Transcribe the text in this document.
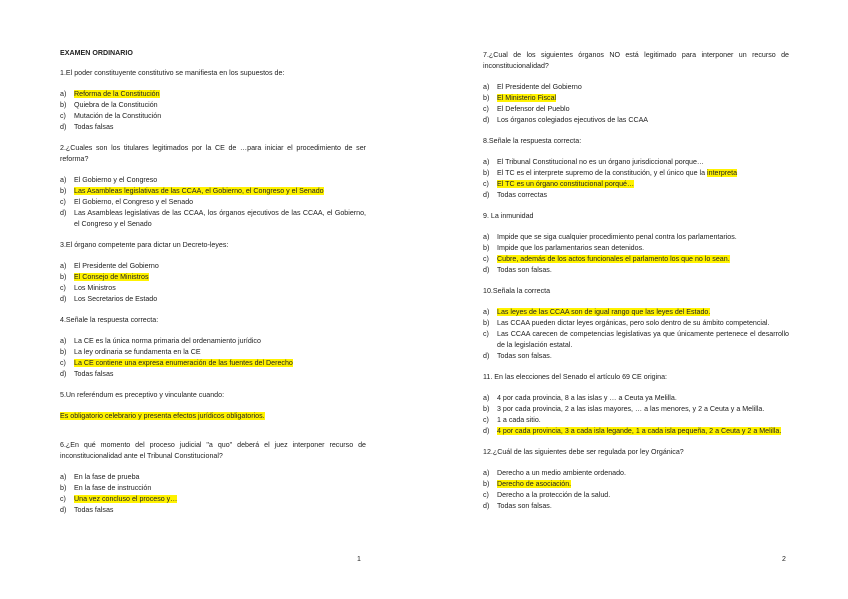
EXAMEN ORDINARIO
1.El poder constituyente constitutivo se manifiesta en los supuestos de:
a)	Reforma de la Constitución
b)	Quiebra de la Constitución
c)	Mutación de la Constitución
d)	Todas falsas
2.¿Cuales son los titulares legitimados por la CE de …para iniciar el procedimiento de ser reforma?
a)	El Gobierno y el Congreso
b)	Las Asambleas legislativas de las CCAA, el Gobierno, el Congreso y el Senado
c)	El Gobierno, el Congreso y el Senado
d)	Las Asambleas legislativas de las CCAA, los órganos ejecutivos de las CCAA, el Gobierno, el Congreso y el Senado
3.El órgano competente para dictar un Decreto-leyes:
a)	El Presidente del Gobierno
b)	El Consejo de Ministros
c)	Los Ministros
d)	Los Secretarios de Estado
4.Señale la respuesta correcta:
a)	La CE es la única norma primaria del ordenamiento jurídico
b)	La ley ordinaria se fundamenta en la CE
c)	La CE contiene una expresa enumeración de las fuentes del Derecho
d)	Todas falsas
5.Un referéndum es preceptivo y vinculante cuando:
Es obligatorio celebrario y presenta efectos jurídicos obligatorios.
6.¿En qué momento del proceso judicial "a quo" deberá el juez interponer recurso de inconstitucionalidad ante el Tribunal Constitucional?
a)	En la fase de prueba
b)	En la fase de instrucción
c)	Una vez concluso el proceso y…
d)	Todas falsas
7.¿Cual de los siguientes órganos NO está legitimado para interponer un recurso de inconstitucionalidad?
a)	El Presidente del Gobierno
b)	El Ministerio Fiscal
c)	El Defensor del Pueblo
d)	Los órganos colegiados ejecutivos de las CCAA
8.Señale la respuesta correcta:
a)	El Tribunal Constitucional no es un órgano jurisdiccional porque…
b)	El TC es el interprete supremo de la constitución, y el único que la interpreta
c)	El TC es un órgano constitucional porqué…
d)	Todas correctas
9. La inmunidad
a)	Impide que se siga cualquier procedimiento penal contra los parlamentarios.
b)	Impide que los parlamentarios sean detenidos.
c)	Cubre, además de los actos funcionales el parlamento los que no lo sean.
d)	Todas son falsas.
10.Señala la correcta
a)	Las leyes de las CCAA son de igual rango que las leyes del Estado.
b)	Las CCAA pueden dictar leyes orgánicas, pero solo dentro de su ámbito competencial.
c)	Las CCAA carecen de competencias legislativas ya que únicamente pertenece el desarrollo de la legislación estatal.
d)	Todas son falsas.
11. En las elecciones del Senado el artículo 69 CE origina:
a)	4 por cada provincia, 8 a las islas y … a Ceuta ya Melilla.
b)	3 por cada provincia, 2 a las islas mayores, … a las menores, y 2 a Ceuta y a Melilla.
c)	1 a cada sitio.
d)	4 por cada provincia, 3 a cada isla legande, 1 a cada isla pequeña, 2 a Ceuta y 2 a Melilla.
12.¿Cuál de las siguientes debe ser regulada por ley Orgánica?
a)	Derecho a un medio ambiente ordenado.
b)	Derecho de asociación.
c)	Derecho a la protección de la salud.
d)	Todas son falsas.
1	2
